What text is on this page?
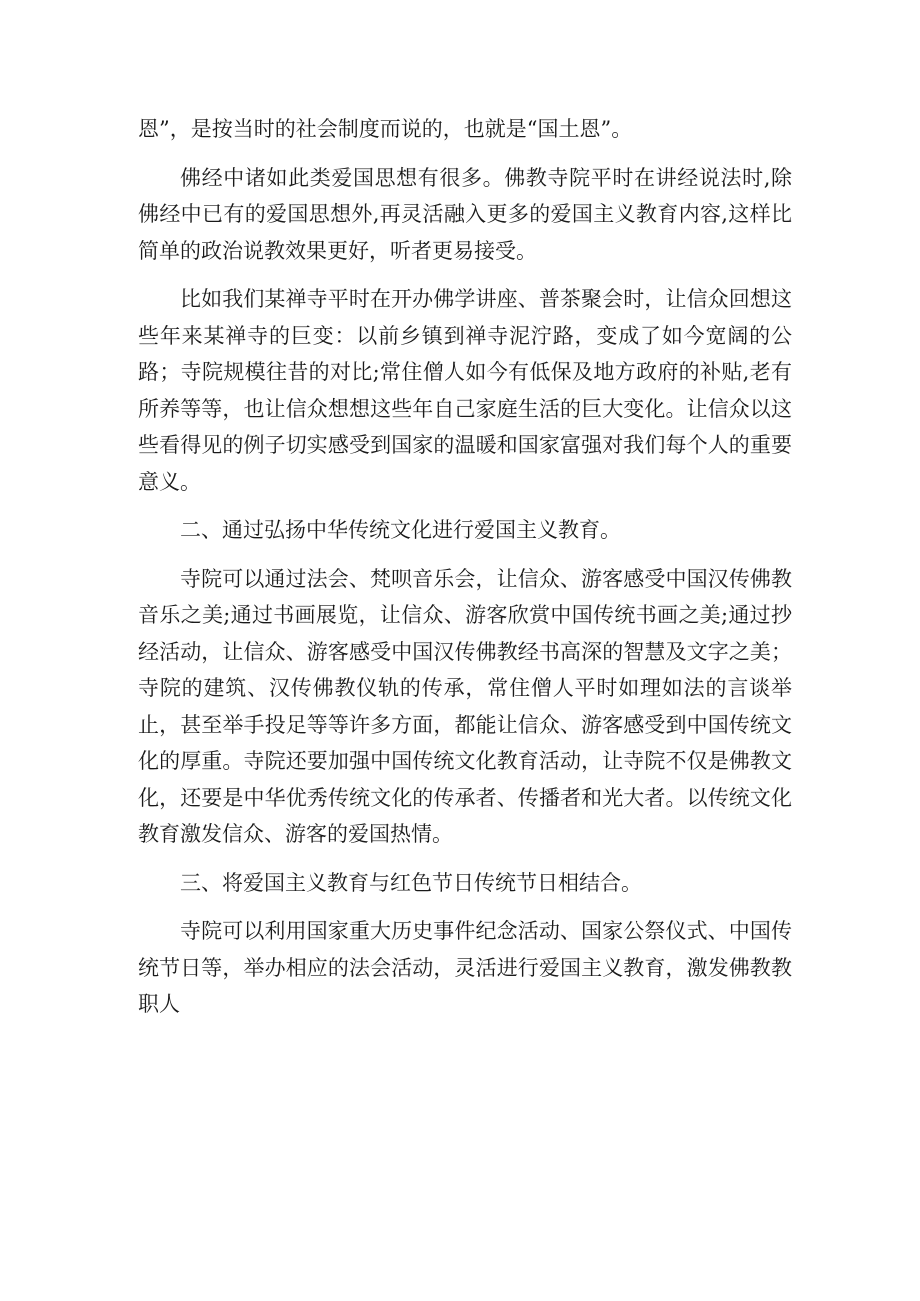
恩”，是按当时的社会制度而说的，也就是“国土恩”。

佛经中诸如此类爱国思想有很多。佛教寺院平时在讲经说法时,除佛经中已有的爱国思想外,再灵活融入更多的爱国主义教育内容,这样比简单的政治说教效果更好，听者更易接受。

比如我们某禅寺平时在开办佛学讲座、普茶聚会时，让信众回想这些年来某禅寺的巨变：以前乡镇到禅寺泥泞路，变成了如今宽阔的公路；寺院规模往昔的对比;常住僧人如今有低保及地方政府的补贴,老有所养等等，也让信众想想这些年自己家庭生活的巨大变化。让信众以这些看得见的例子切实感受到国家的温暖和国家富强对我们每个人的重要意义。

二、通过弘扬中华传统文化进行爱国主义教育。

寺院可以通过法会、梵呗音乐会，让信众、游客感受中国汉传佛教音乐之美;通过书画展览，让信众、游客欣赏中国传统书画之美;通过抄经活动，让信众、游客感受中国汉传佛教经书高深的智慧及文字之美；寺院的建筑、汉传佛教仪轨的传承，常住僧人平时如理如法的言谈举止，甚至举手投足等等许多方面，都能让信众、游客感受到中国传统文化的厚重。寺院还要加强中国传统文化教育活动，让寺院不仅是佛教文化，还要是中华优秀传统文化的传承者、传播者和光大者。以传统文化教育激发信众、游客的爱国热情。

三、将爱国主义教育与红色节日传统节日相结合。

寺院可以利用国家重大历史事件纪念活动、国家公祭仪式、中国传统节日等，举办相应的法会活动，灵活进行爱国主义教育，激发佛教教职人
